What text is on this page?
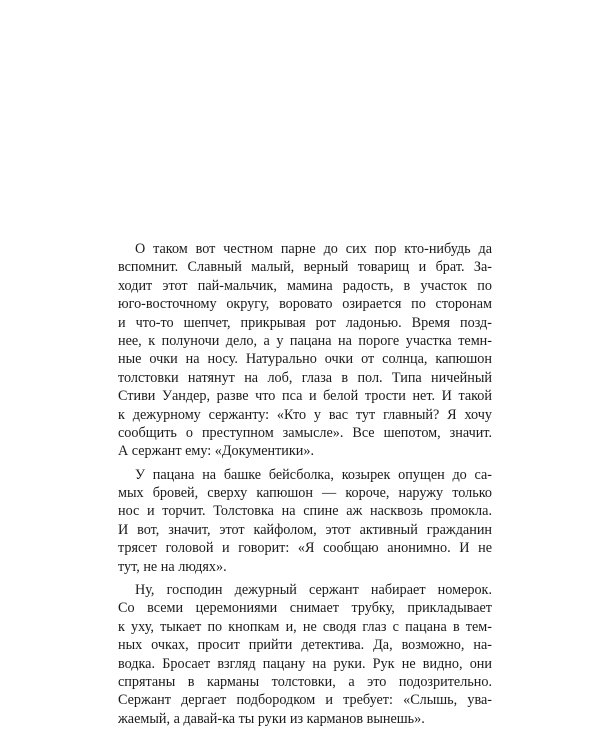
О таком вот честном парне до сих пор кто-нибудь да
вспомнит. Славный малый, верный товарищ и брат. За-
ходит этот пай-мальчик, мамина радость, в участок по
юго-восточному округу, воровато озирается по сторонам
и что-то шепчет, прикрывая рот ладонью. Время позд-
нее, к полуночи дело, а у пацана на пороге участка темн-
ные очки на носу. Натурально очки от солнца, капюшон
толстовки натянут на лоб, глаза в пол. Типа ничейный
Стиви Уандер, разве что пса и белой трости нет. И такой
к дежурному сержанту: «Кто у вас тут главный? Я хочу
сообщить о преступном замысле». Все шепотом, значит.
А сержант ему: «Документики».
У пацана на башке бейсболка, козырек опущен до са-
мых бровей, сверху капюшон — короче, наружу только
нос и торчит. Толстовка на спине аж насквозь промокла.
И вот, значит, этот кайфолом, этот активный гражданин
трясет головой и говорит: «Я сообщаю анонимно. И не
тут, не на людях».
Ну, господин дежурный сержант набирает номерок.
Со всеми церемониями снимает трубку, прикладывает
к уху, тыкает по кнопкам и, не сводя глаз с пацана в тем-
ных очках, просит прийти детектива. Да, возможно, на-
водка. Бросает взгляд пацану на руки. Рук не видно, они
спрятаны в карманы толстовки, а это подозрительно.
Сержант дергает подбородком и требует: «Слышь, ува-
жаемый, а давай-ка ты руки из карманов вынешь».
